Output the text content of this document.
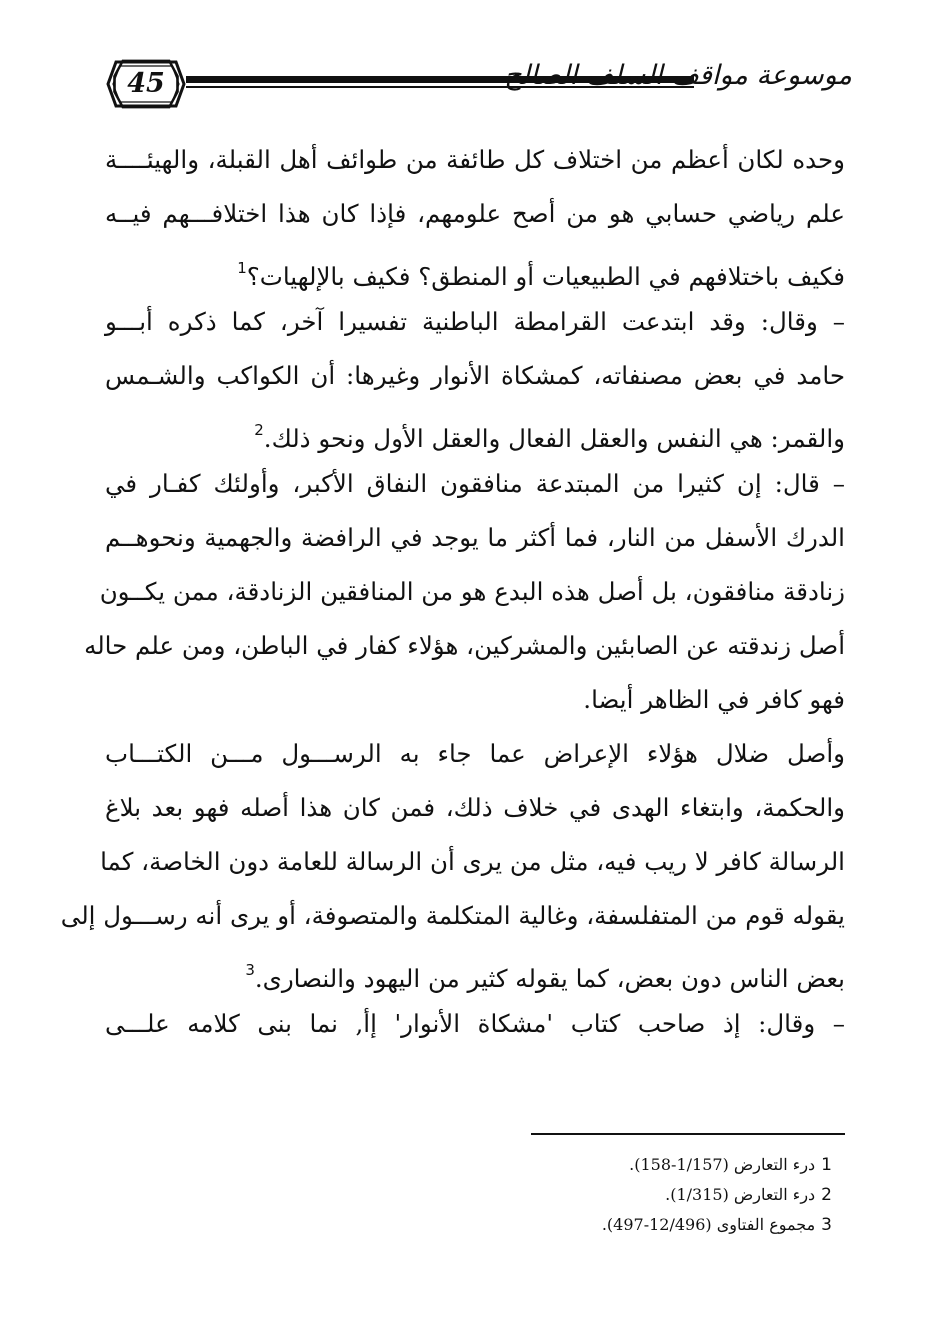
45	موسوعة مواقف السلف الصالح
وحده لكان أعظم من اختلاف كل طائفة من طوائف أهل القبلة، والهيئــــة
علم رياضي حسابي هو من أصح علومهم، فإذا كان هذا اختلافـــهم فيــه
فكيف باختلافهم في الطبيعيات أو المنطق؟ فكيف بالإلهيات؟$^1$
– وقال: وقد ابتدعت القرامطة الباطنية تفسيرا آخر، كما ذكره أبـــو
حامد في بعض مصنفاته، كمشكاة الأنوار وغيرها: أن الكواكب والشـمس
والقمر: هي النفس والعقل الفعال والعقل الأول ونحو ذلك.$^2$
– قال: إن كثيرا من المبتدعة منافقون النفاق الأكبر، وأولئك كفـار في
الدرك الأسفل من النار، فما أكثر ما يوجد في الرافضة والجهمية ونحوهــم
زنادقة منافقون، بل أصل هذه البدع هو من المنافقين الزنادقة، ممن يكــون
أصل زندقته عن الصابئين والمشركين، هؤلاء كفار في الباطن، ومن علم حاله
فهو كافر في الظاهر أيضا.
وأصل ضلال هؤلاء الإعراض عما جاء به الرســـول مـــن الكتـــاب
والحكمة، وابتغاء الهدى في خلاف ذلك، فمن كان هذا أصله فهو بعد بلاغ
الرسالة كافر لا ريب فيه، مثل من يرى أن الرسالة للعامة دون الخاصة، كما
يقوله قوم من المتفلسفة، وغالية المتكلمة والمتصوفة، أو يرى أنه رســـول إلى
بعض الناس دون بعض، كما يقوله كثير من اليهود والنصارى.$^3$
– وقال: إذ صاحب كتاب 'مشكاة الأنوار' إأ, نما بنى كلامه علـــى
1درء التعارض (1/157-158).
2درء التعارض (1/315).
3مجموع الفتاوى (12/496-497).
